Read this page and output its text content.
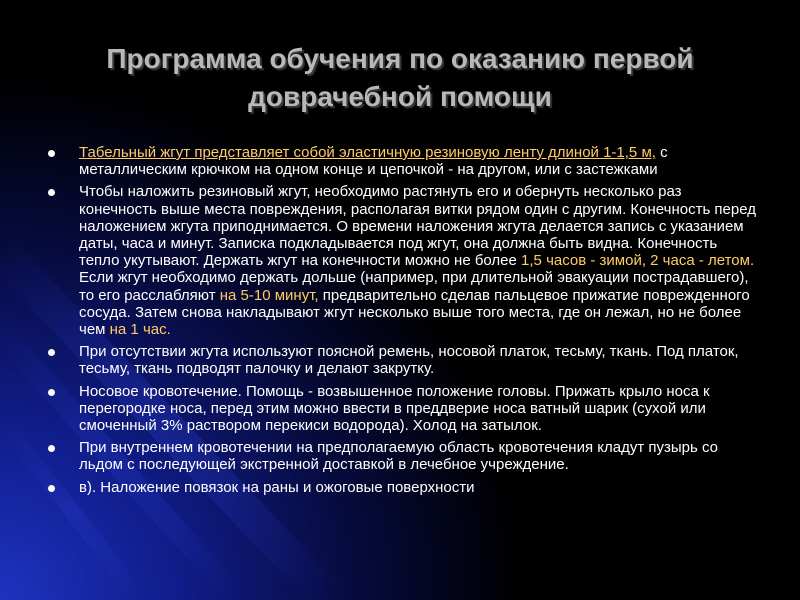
Программа обучения по оказанию первой доврачебной помощи
Табельный жгут представляет собой эластичную резиновую ленту длиной 1-1,5 м, с металлическим крючком на одном конце и цепочкой - на другом, или с застежками
Чтобы наложить резиновый жгут, необходимо растянуть его и обернуть несколько раз конечность выше места повреждения, располагая витки рядом один с другим. Конечность перед наложением жгута приподнимается. О времени наложения жгута делается запись с указанием даты, часа и минут. Записка подкладывается под жгут, она должна быть видна. Конечность тепло укутывают. Держать жгут на конечности можно не более 1,5 часов - зимой, 2 часа - летом. Если жгут необходимо держать дольше (например, при длительной эвакуации пострадавшего), то его расслабляют на 5-10 минут, предварительно сделав пальцевое прижатие поврежденного сосуда. Затем снова накладывают жгут несколько выше того места, где он лежал, но не более чем на 1 час.
При отсутствии жгута используют поясной ремень, носовой платок, тесьму, ткань. Под платок, тесьму, ткань подводят палочку и делают закрутку.
Носовое кровотечение. Помощь - возвышенное положение головы. Прижать крыло носа к перегородке носа, перед этим можно ввести в преддверие носа ватный шарик (сухой или смоченный 3% раствором перекиси водорода). Холод на затылок.
При внутреннем кровотечении на предполагаемую область кровотечения кладут пузырь со льдом с последующей экстренной доставкой в лечебное учреждение.
в). Наложение повязок на раны и ожоговые поверхности
